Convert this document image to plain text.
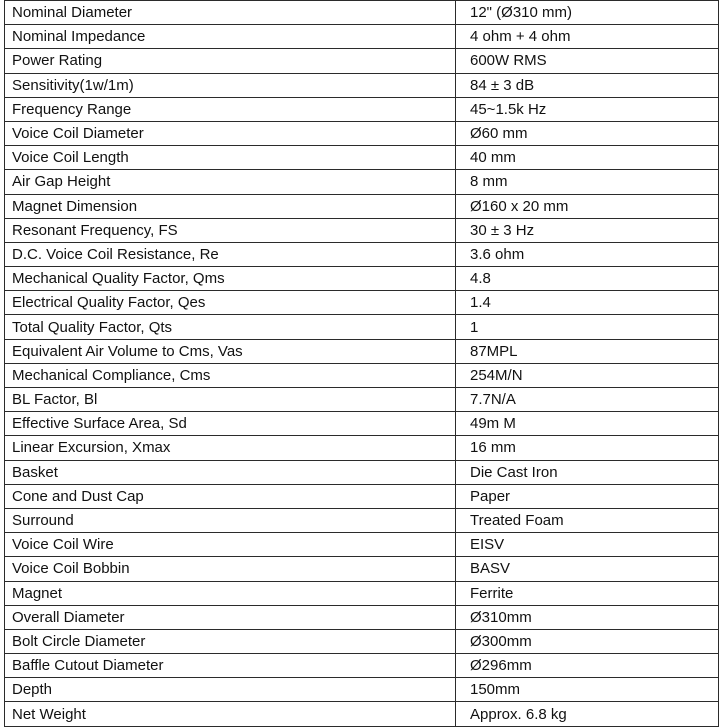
Nominal Diameter	12" (Ø310 mm)
Nominal Impedance	4 ohm + 4 ohm
Power Rating	600W RMS
Sensitivity(1w/1m)	84 ± 3 dB
Frequency Range	45~1.5k Hz
Voice Coil Diameter	Ø60 mm
Voice Coil Length	40 mm
Air Gap Height	8 mm
Magnet Dimension	Ø160 x 20 mm
Resonant Frequency, FS	30 ± 3 Hz
D.C. Voice Coil Resistance, Re	3.6 ohm
Mechanical Quality Factor, Qms	4.8
Electrical Quality Factor, Qes	1.4
Total Quality Factor, Qts	1
Equivalent Air Volume to Cms, Vas	87MPL
Mechanical Compliance, Cms	254M/N
BL Factor, Bl	7.7N/A
Effective Surface Area, Sd	49m M
Linear Excursion, Xmax	16 mm
Basket	Die Cast Iron
Cone and Dust Cap	Paper
Surround	Treated Foam
Voice Coil Wire	EISV
Voice Coil Bobbin	BASV
Magnet	Ferrite
Overall Diameter	Ø310mm
Bolt Circle Diameter	Ø300mm
Baffle Cutout Diameter	Ø296mm
Depth	150mm
Net Weight	Approx. 6.8 kg
